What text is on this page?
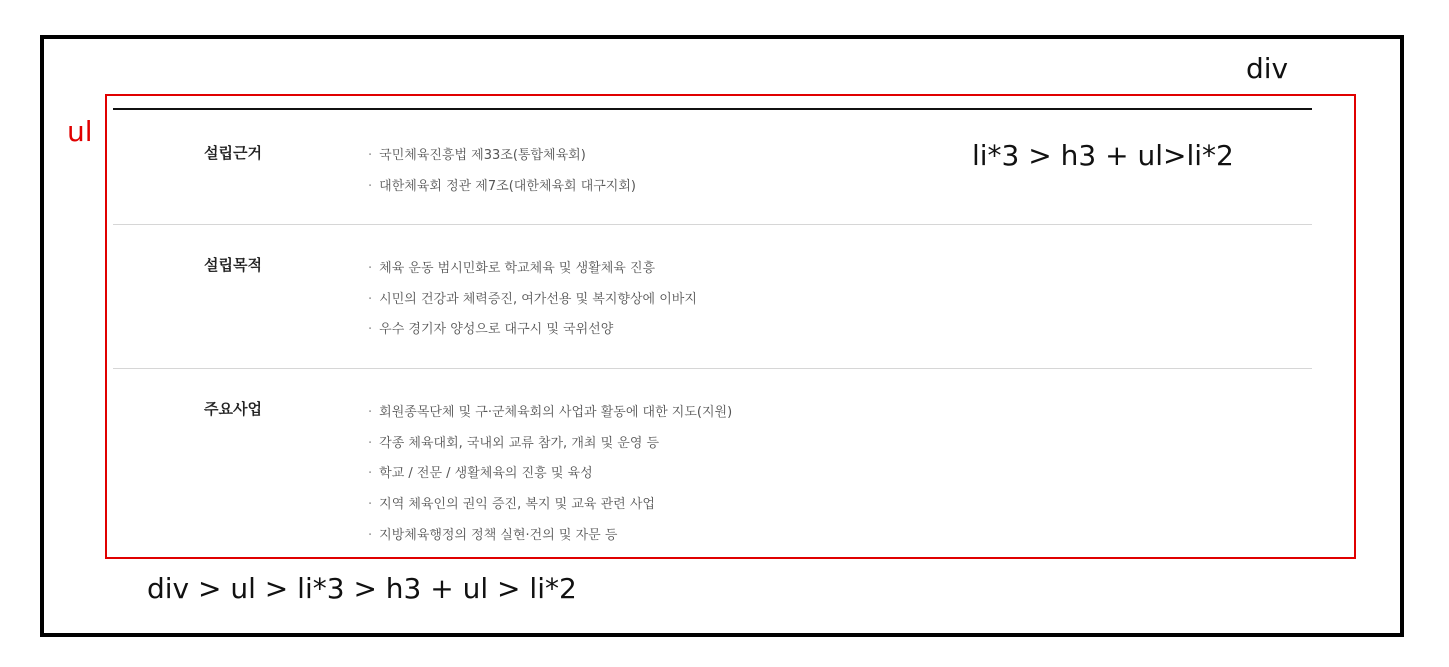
div
ul
설립근거	· 국민체육진흥법 제33조(통합체육회)
· 대한체육회 정관 제7조(대한체육회 대구지회)
설립목적	· 체육 운동 범시민화로 학교체육 및 생활체육 진흥
· 시민의 건강과 체력증진, 여가선용 및 복지향상에 이바지
· 우수 경기자 양성으로 대구시 및 국위선양
주요사업	· 회원종목단체 및 구·군체육회의 사업과 활동에 대한 지도(지원)
· 각종 체육대회, 국내외 교류 참가, 개최 및 운영 등
· 학교 / 전문 / 생활체육의 진흥 및 육성
· 지역 체육인의 권익 증진, 복지 및 교육 관련 사업
· 지방체육행정의 정책 실현·건의 및 자문 등
li*3 > h3 + ul>li*2
div > ul > li*3 > h3 + ul > li*2
